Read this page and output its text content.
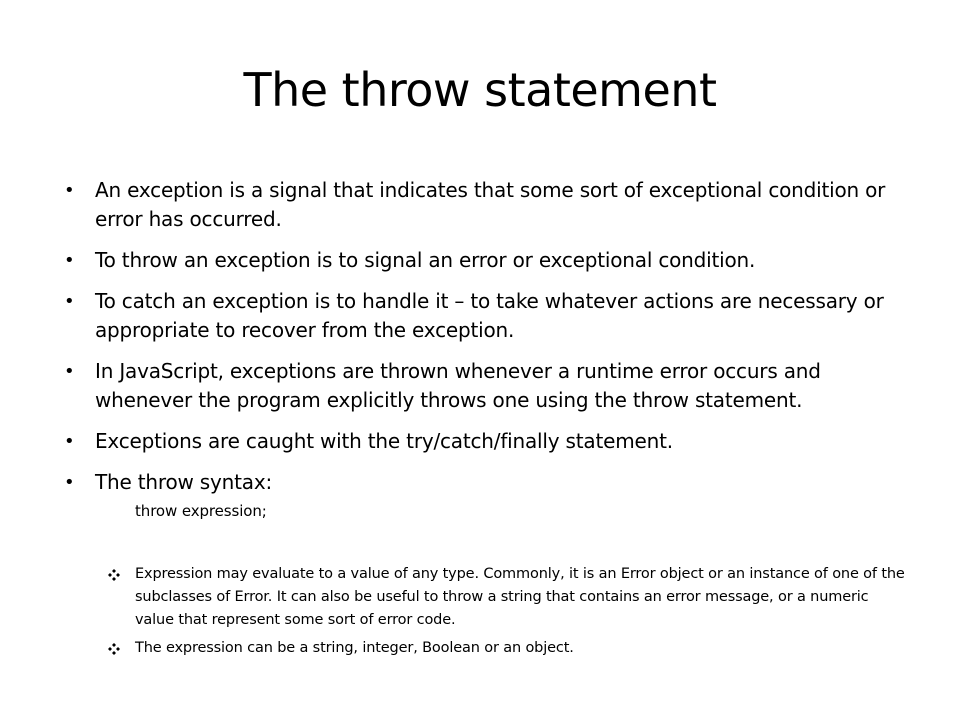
The throw statement
• An exception is a signal that indicates that some sort of exceptional condition or error has occurred.
• To throw an exception is to signal an error or exceptional condition.
• To catch an exception is to handle it – to take whatever actions are necessary or appropriate to recover from the exception.
• In JavaScript, exceptions are thrown whenever a runtime error occurs and whenever the program explicitly throws one using the throw statement.
• Exceptions are caught with the try/catch/finally statement.
• The throw syntax:
throw expression;
Expression may evaluate to a value of any type. Commonly, it is an Error object or an instance of one of the subclasses of Error. It can also be useful to throw a string that contains an error message, or a numeric value that represent some sort of error code.
The expression can be a string, integer, Boolean or an object.
